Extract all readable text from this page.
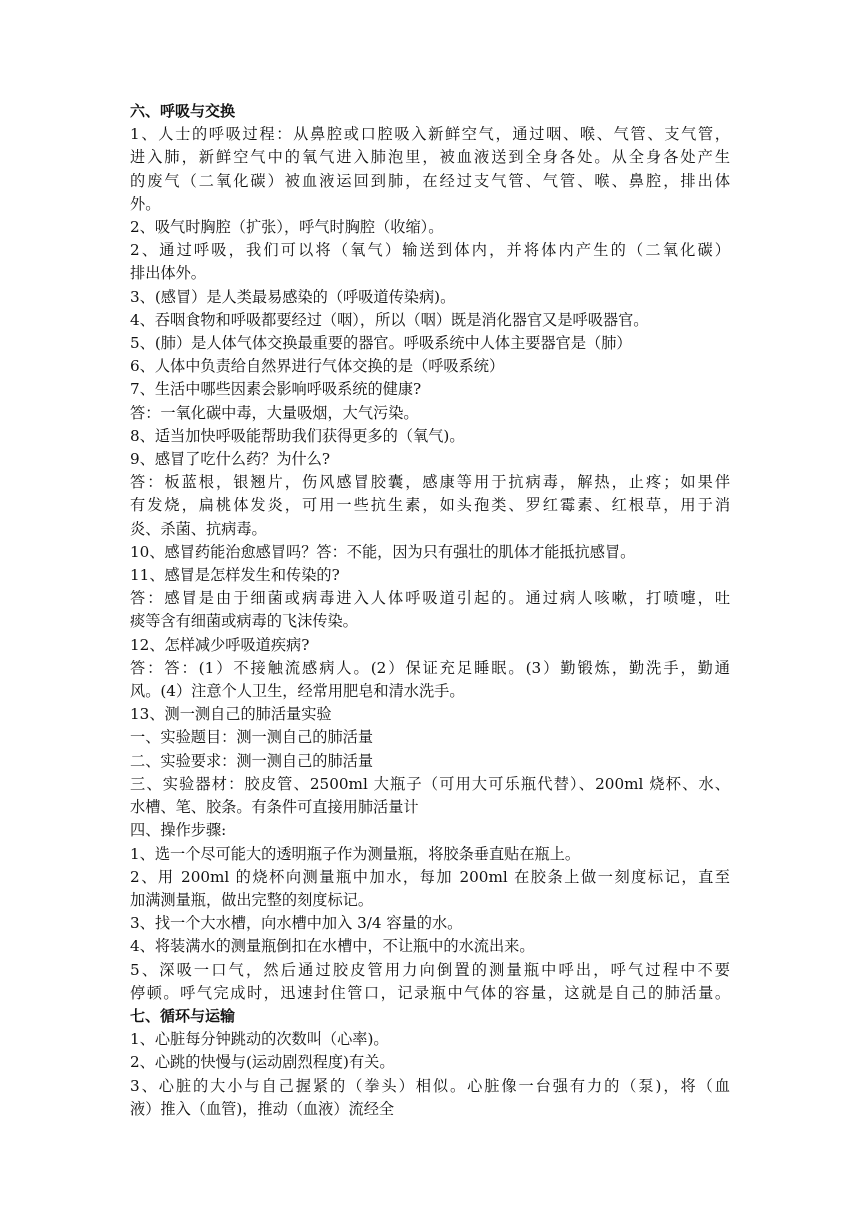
六、呼吸与交换
1、人士的呼吸过程：从鼻腔或口腔吸入新鲜空气，通过咽、喉、气管、支气管，
进入肺，新鲜空气中的氧气进入肺泡里，被血液送到全身各处。从全身各处产生
的废气（二氧化碳）被血液运回到肺，在经过支气管、气管、喉、鼻腔，排出体
外。
2、吸气时胸腔（扩张），呼气时胸腔（收缩）。
2、通过呼吸，我们可以将（氧气）输送到体内，并将体内产生的（二氧化碳）
排出体外。
3、(感冒）是人类最易感染的（呼吸道传染病)。
4、吞咽食物和呼吸都要经过（咽），所以（咽）既是消化器官又是呼吸器官。
5、(肺）是人体气体交换最重要的器官。呼吸系统中人体主要器官是（肺）
6、人体中负责给自然界进行气体交换的是（呼吸系统）
7、生活中哪些因素会影响呼吸系统的健康?
答：一氧化碳中毒，大量吸烟，大气污染。
8、适当加快呼吸能帮助我们获得更多的（氧气)。
9、感冒了吃什么药？为什么?
答：板蓝根，银翘片，伤风感冒胶囊，感康等用于抗病毒，解热，止疼；如果伴
有发烧，扁桃体发炎，可用一些抗生素，如头孢类、罗红霉素、红根草，用于消
炎、杀菌、抗病毒。
10、感冒药能治愈感冒吗？答：不能，因为只有强壮的肌体才能抵抗感冒。
11、感冒是怎样发生和传染的?
答：感冒是由于细菌或病毒进入人体呼吸道引起的。通过病人咳嗽，打喷嚏，吐
痰等含有细菌或病毒的飞沫传染。
12、怎样减少呼吸道疾病?
答：答：(1）不接触流感病人。(2）保证充足睡眠。(3）勤锻炼，勤洗手，勤通
风。(4）注意个人卫生，经常用肥皂和清水洗手。
13、测一测自己的肺活量实验
一、实验题目：测一测自己的肺活量
二、实验要求：测一测自己的肺活量
三、实验器材：胶皮管、2500ml 大瓶子（可用大可乐瓶代替）、200ml 烧杯、水、
水槽、笔、胶条。有条件可直接用肺活量计
四、操作步骤:
1、选一个尽可能大的透明瓶子作为测量瓶，将胶条垂直贴在瓶上。
2、用 200ml 的烧杯向测量瓶中加水，每加 200ml 在胶条上做一刻度标记，直至
加满测量瓶，做出完整的刻度标记。
3、找一个大水槽，向水槽中加入 3/4 容量的水。
4、将装满水的测量瓶倒扣在水槽中，不让瓶中的水流出来。
5、深吸一口气，然后通过胶皮管用力向倒置的测量瓶中呼出，呼气过程中不要
停顿。呼气完成时，迅速封住管口，记录瓶中气体的容量，这就是自己的肺活量。
七、循环与运输
1、心脏每分钟跳动的次数叫（心率)。
2、心跳的快慢与(运动剧烈程度)有关。
3、心脏的大小与自己握紧的（拳头）相似。心脏像一台强有力的（泵)，将（血
液）推入（血管)，推动（血液）流经全
